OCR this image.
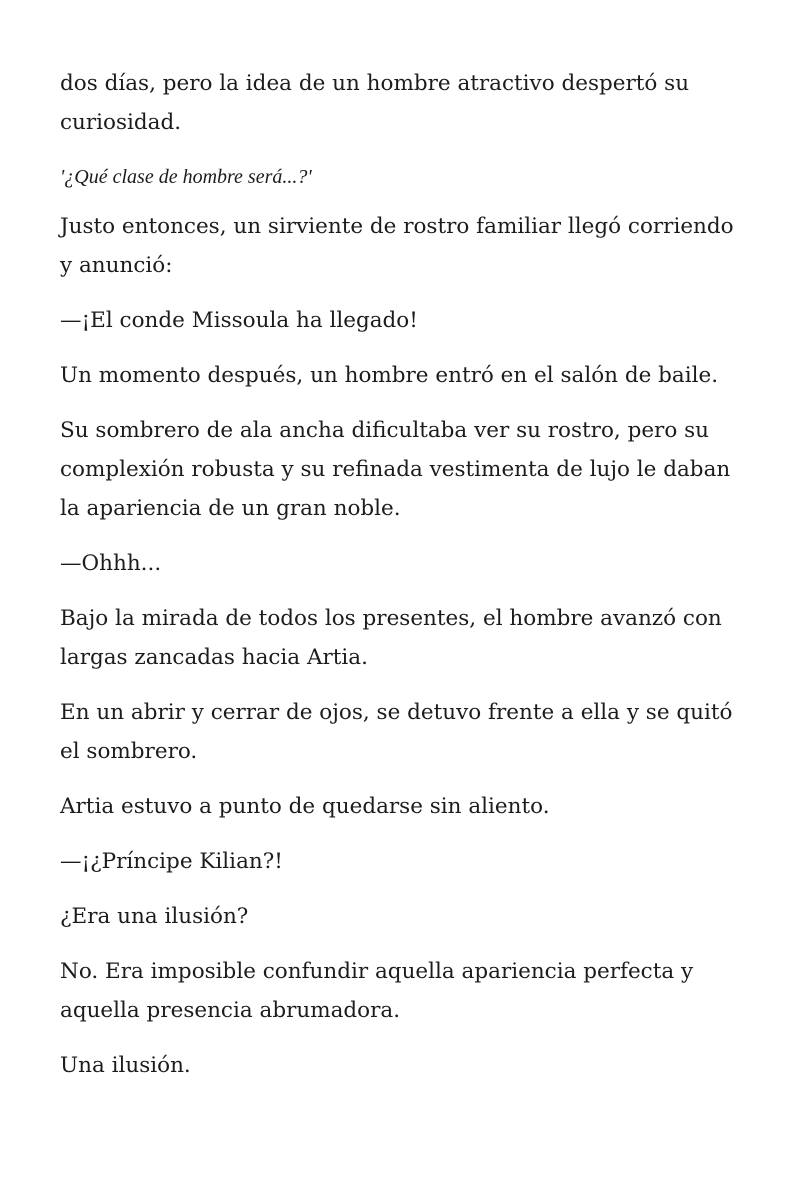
dos días, pero la idea de un hombre atractivo despertó su curiosidad.

'¿Qué clase de hombre será...?'

Justo entonces, un sirviente de rostro familiar llegó corriendo y anunció:

—¡El conde Missoula ha llegado!

Un momento después, un hombre entró en el salón de baile.

Su sombrero de ala ancha dificultaba ver su rostro, pero su complexión robusta y su refinada vestimenta de lujo le daban la apariencia de un gran noble.

—Ohhh...

Bajo la mirada de todos los presentes, el hombre avanzó con largas zancadas hacia Artia.

En un abrir y cerrar de ojos, se detuvo frente a ella y se quitó el sombrero.

Artia estuvo a punto de quedarse sin aliento.

—¡¿Príncipe Kilian?!

¿Era una ilusión?

No. Era imposible confundir aquella apariencia perfecta y aquella presencia abrumadora.

Una ilusión.
